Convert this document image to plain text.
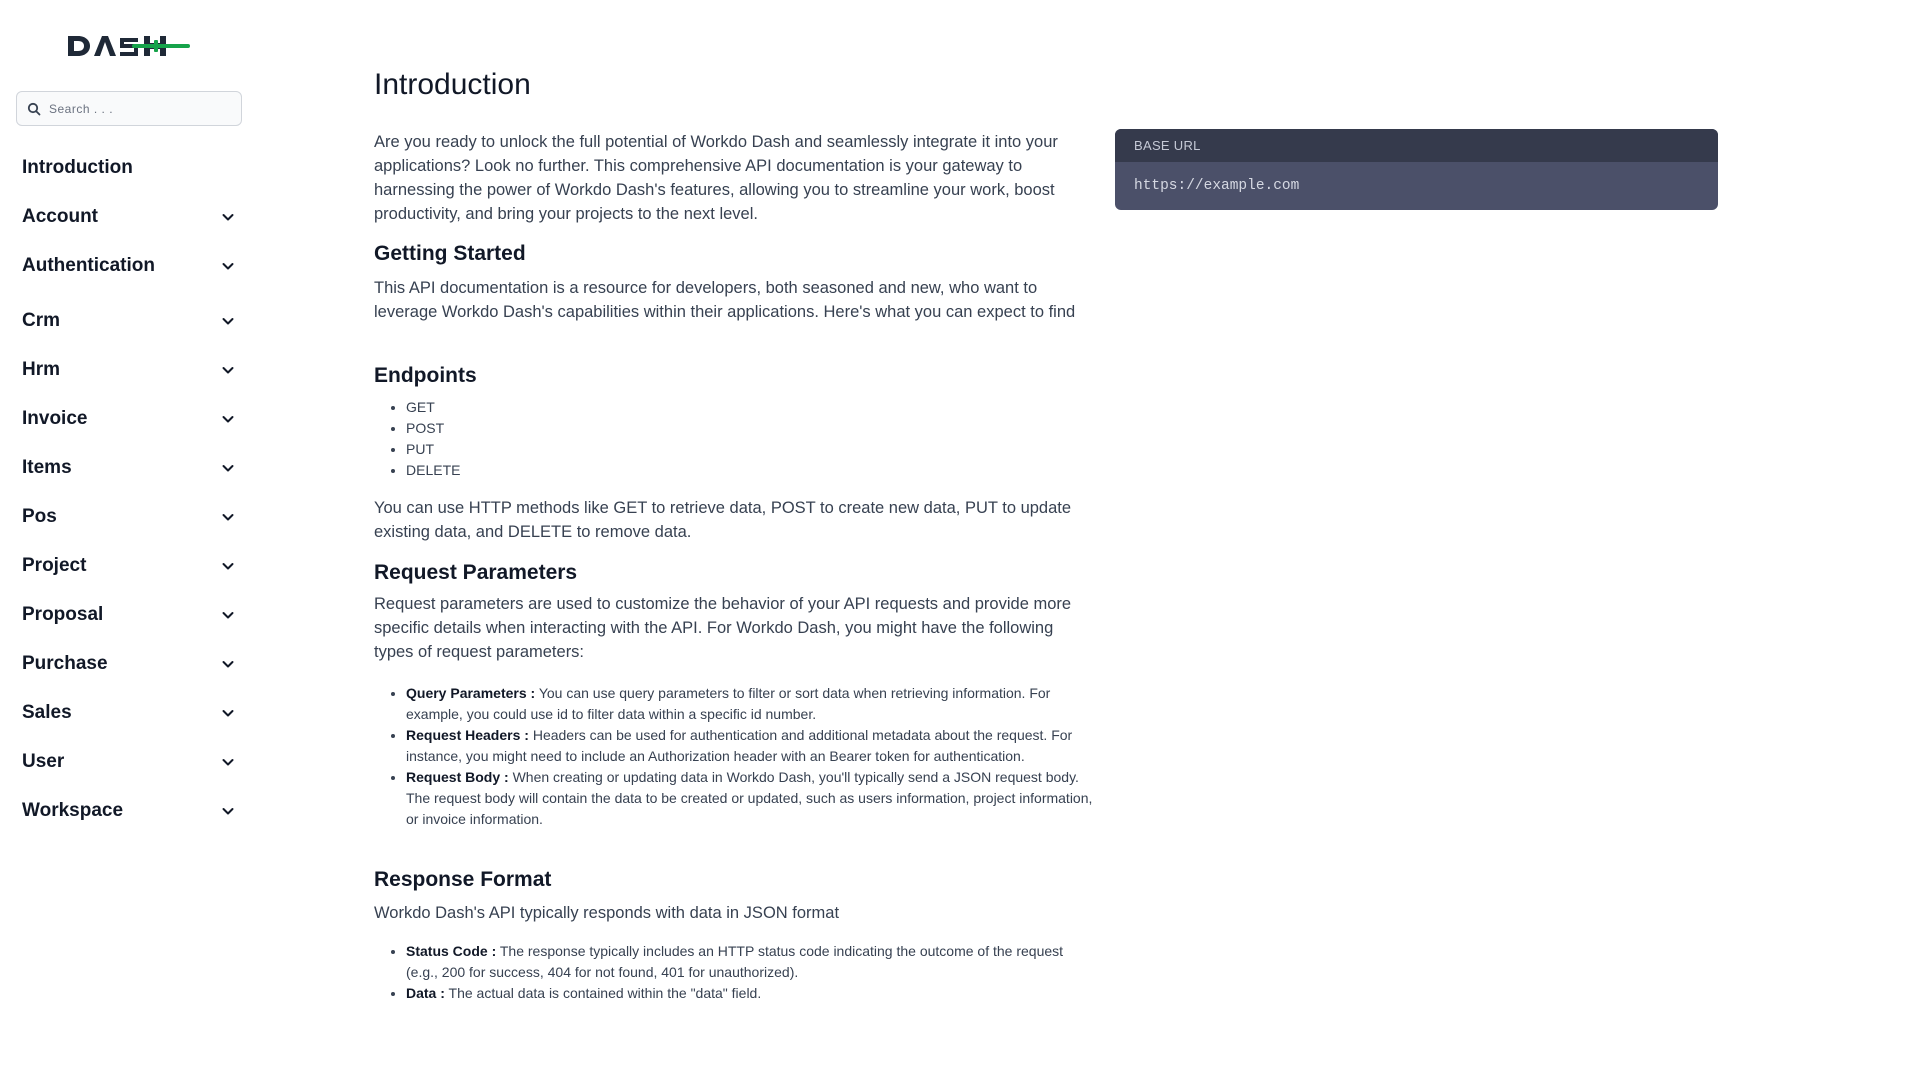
Search . . .
Introduction
Account
Authentication
Crm
Hrm
Invoice
Items
Pos
Project
Proposal
Purchase
Sales
User
Workspace
Introduction

Are you ready to unlock the full potential of Workdo Dash and seamlessly integrate it into your applications? Look no further. This comprehensive API documentation is your gateway to harnessing the power of Workdo Dash's features, allowing you to streamline your work, boost productivity, and bring your projects to the next level.

Getting Started

This API documentation is a resource for developers, both seasoned and new, who want to leverage Workdo Dash's capabilities within their applications. Here's what you can expect to find

Endpoints
• GET
• POST
• PUT
• DELETE

You can use HTTP methods like GET to retrieve data, POST to create new data, PUT to update existing data, and DELETE to remove data.

Request Parameters

Request parameters are used to customize the behavior of your API requests and provide more specific details when interacting with the API. For Workdo Dash, you might have the following types of request parameters:

• Query Parameters : You can use query parameters to filter or sort data when retrieving information. For example, you could use id to filter data within a specific id number.
• Request Headers : Headers can be used for authentication and additional metadata about the request. For instance, you might need to include an Authorization header with an Bearer token for authentication.
• Request Body : When creating or updating data in Workdo Dash, you'll typically send a JSON request body. The request body will contain the data to be created or updated, such as users information, project information, or invoice information.
Response Format

Workdo Dash's API typically responds with data in JSON format

• Status Code : The response typically includes an HTTP status code indicating the outcome of the request (e.g., 200 for success, 404 for not found, 401 for unauthorized).
• Data : The actual data is contained within the "data" field.
BASE URL
https://example.com
